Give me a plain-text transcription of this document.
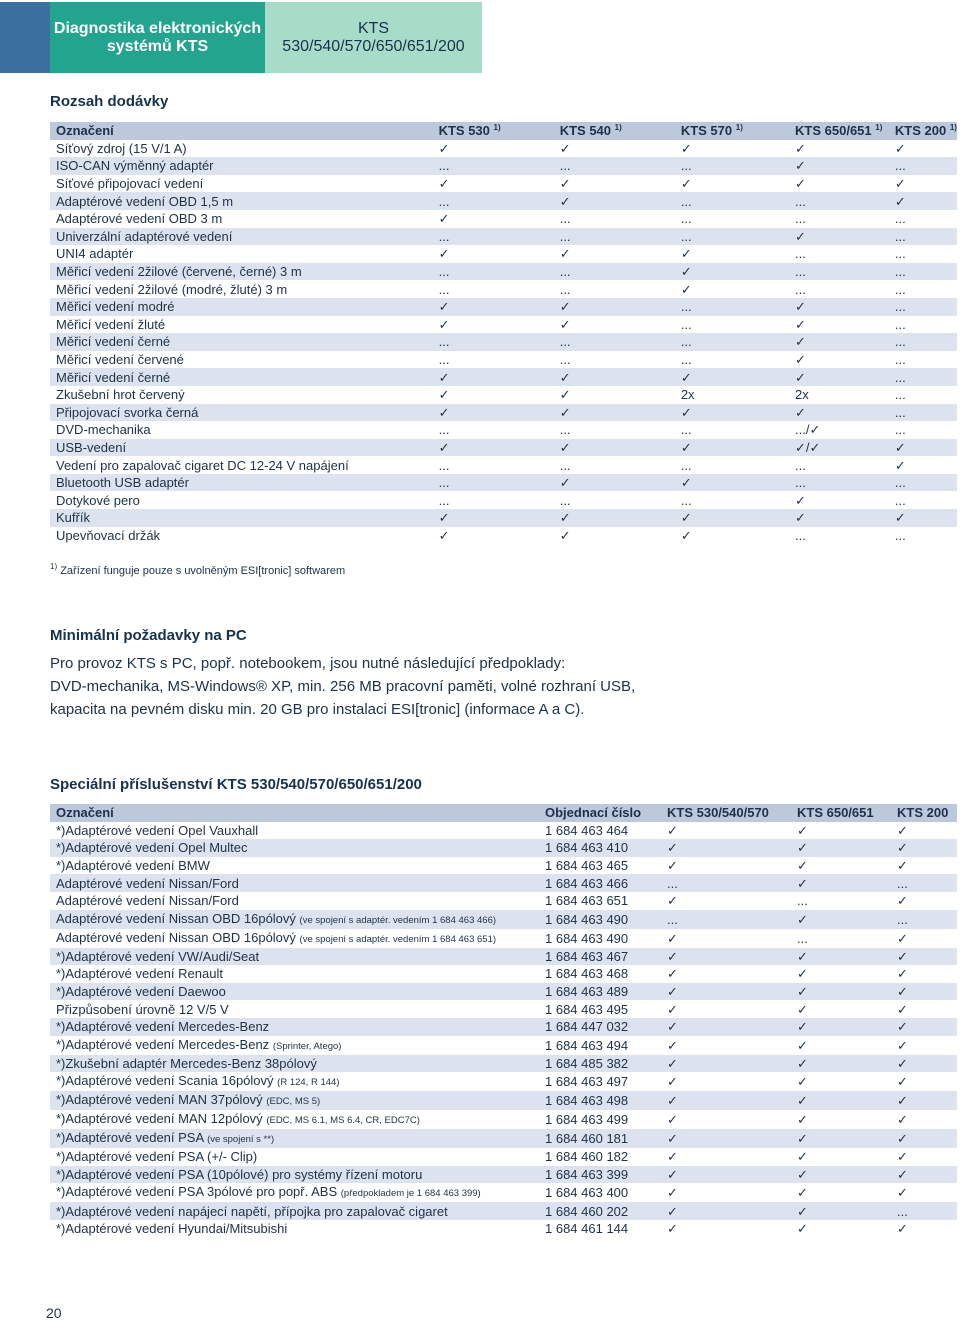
Diagnostika elektronických systémů KTS
KTS 530/540/570/650/651/200
Rozsah dodávky
Označení	KTS 530 $^{1)}$	KTS 540 $^{1)}$	KTS 570 $^{1)}$	KTS 650/651 $^{1)}$	KTS 200 $^{1)}$
Síťový zdroj (15 V/1 A)	✓	✓	✓	✓	✓
ISO-CAN výměnný adaptér	...	...	...	✓	...
Síťové připojovací vedení	✓	✓	✓	✓	✓
Adaptérové vedení OBD 1,5 m	...	✓	...	...	✓
Adaptérové vedení OBD 3 m	✓	...	...	...	...
Univerzální adaptérové vedení	...	...	...	✓	...
UNI4 adaptér	✓	✓	✓	...	...
Měřicí vedení 2žilové (červené, černé) 3 m	...	...	✓	...	...
Měřicí vedení 2žilové (modré, žluté) 3 m	...	...	✓	...	...
Měřicí vedení modré	✓	✓	...	✓	...
Měřicí vedení žluté	✓	✓	...	✓	...
Měřicí vedení černé	...	...	...	✓	...
Měřicí vedení červené	...	...	...	✓	...
Měřicí vedení černé	✓	✓	✓	✓	...
Zkušební hrot červený	✓	✓	2x	2x	...
Připojovací svorka černá	✓	✓	✓	✓	...
DVD-mechanika	...	...	...	.../✓	...
USB-vedení	✓	✓	✓	✓/✓	✓
Vedení pro zapalovač cigaret DC 12-24 V napájení	...	...	...	...	✓
Bluetooth USB adaptér	...	✓	✓	...	...
Dotykové pero	...	...	...	✓	...
Kufřík	✓	✓	✓	✓	✓
Upevňovací držák	✓	✓	✓	...	...
$^{1)}$ Zařízení funguje pouze s uvolněným ESI[tronic] softwarem
Minimální požadavky na PC
Pro provoz KTS s PC, popř. notebookem, jsou nutné následující předpoklady:
DVD-mechanika, MS-Windows® XP, min. 256 MB pracovní paměti, volné rozhraní USB,
kapacita na pevném disku min. 20 GB pro instalaci ESI[tronic] (informace A a C).
Speciální příslušenství KTS 530/540/570/650/651/200
Označení	Objednací číslo	KTS 530/540/570	KTS 650/651	KTS 200
*)Adaptérové vedení Opel Vauxhall	1 684 463 464	✓	✓	✓
*)Adaptérové vedení Opel Multec	1 684 463 410	✓	✓	✓
*)Adaptérové vedení BMW	1 684 463 465	✓	✓	✓
Adaptérové vedení Nissan/Ford	1 684 463 466	...	✓	...
Adaptérové vedení Nissan/Ford	1 684 463 651	✓	...	✓
Adaptérové vedení Nissan OBD 16pólový (ve spojení s adaptér. vedením 1 684 463 466)	1 684 463 490	...	✓	...
Adaptérové vedení Nissan OBD 16pólový (ve spojení s adaptér. vedením 1 684 463 651)	1 684 463 490	✓	...	✓
*)Adaptérové vedení VW/Audi/Seat	1 684 463 467	✓	✓	✓
*)Adaptérové vedení Renault	1 684 463 468	✓	✓	✓
*)Adaptérové vedení Daewoo	1 684 463 489	✓	✓	✓
Přizpůsobení úrovně 12 V/5 V	1 684 463 495	✓	✓	✓
*)Adaptérové vedení Mercedes-Benz	1 684 447 032	✓	✓	✓
*)Adaptérové vedení Mercedes-Benz (Sprinter, Atego)	1 684 463 494	✓	✓	✓
*)Zkušební adaptér Mercedes-Benz 38pólový	1 684 485 382	✓	✓	✓
*)Adaptérové vedení Scania 16pólový (R 124, R 144)	1 684 463 497	✓	✓	✓
*)Adaptérové vedení MAN 37pólový (EDC, MS 5)	1 684 463 498	✓	✓	✓
*)Adaptérové vedení MAN 12pólový (EDC, MS 6.1, MS 6.4, CR, EDC7C)	1 684 463 499	✓	✓	✓
*)Adaptérové vedení PSA (ve spojení s **)	1 684 460 181	✓	✓	✓
*)Adaptérové vedení PSA (+/- Clip)	1 684 460 182	✓	✓	✓
*)Adaptérové vedení PSA (10pólové) pro systémy řízení motoru	1 684 463 399	✓	✓	✓
*)Adaptérové vedení PSA 3pólové pro popř. ABS (předpokladem je 1 684 463 399)	1 684 463 400	✓	✓	✓
*)Adaptérové vedení napájecí napětí, přípojka pro zapalovač cigaret	1 684 460 202	✓	✓	...
*)Adaptérové vedení Hyundai/Mitsubishi	1 684 461 144	✓	✓	✓
20
